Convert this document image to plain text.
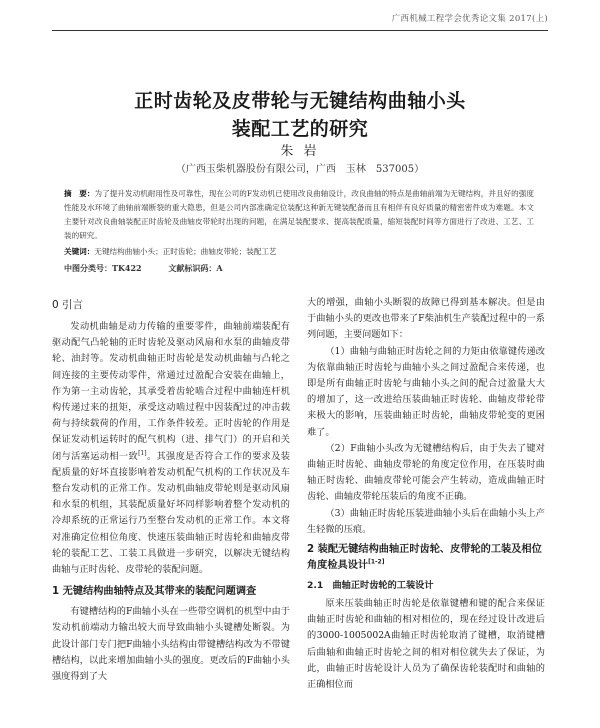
广西机械工程学会优秀论文集 2017(上)
正时齿轮及皮带轮与无键结构曲轴小头
装配工艺的研究
朱 岩
（广西玉柴机器股份有限公司，广西　玉林　537005）
摘　要：为了提升发动机耐用性及可靠性，现在公司的F发动机已使用改良曲轴设计，改良曲轴的特点是曲轴前端为无键结构，并且好的强度性能及水环境了曲轴前端断裂的重大隐患，但是公司内部准确定位装配这种新无键装配备而且有相伴有良好质量的精密密件成为难题。本文主要针对改良曲轴装配正时齿轮及曲轴皮带轮时出现的问题，在满足装配要求、提高装配质量，缩短装配时间等方面进行了改进、工艺、工装的研究。
关键词：无键结构曲轴小头；正时齿轮；曲轴皮带轮；装配工艺
中图分类号：TK422	文献标识码：A
0 引言

发动机曲轴是动力传输的重要零件，曲轴前端装配有驱动配气凸轮轴的正时齿轮及驱动风扇和水泵的曲轴皮带轮、油封等。发动机曲轴正时齿轮是发动机曲轴与凸轮之间连接的主要传动零件，常通过过盈配合安装在曲轴上，作为第一主动齿轮，其承受着齿轮啮合过程中曲轴连杆机构传递过来的扭矩，承受这动啮过程中因装配过的冲击载荷与持续载荷的作用，工作条件较差。正时齿轮的作用是保证发动机运转时的配气机构（进、排气门）的开启和关闭与活塞运动相一致[1]。其强度是否符合工作的要求及装配质量的好坏直接影响着发动机配气机构的工作状况及车整台发动机的正常工作。发动机曲轴皮带轮则是驱动风扇和水泵的机组，其装配质量好坏同样影响着整个发动机的冷却系统的正常运行乃至整台发动机的正常工作。本文将对准确定位相位角度、快速压装曲轴正时齿轮和曲轴皮带轮的装配工艺、工装工具做进一步研究，以解决无键结构曲轴与正时齿轮、皮带轮的装配问题。

1 无键结构曲轴特点及其带来的装配问题调查

有键槽结构的F曲轴小头在一些带空调机的机型中由于发动机前端动力输出较大而导致曲轴小头键槽处断裂。为此设计部门专门把F曲轴小头结构由带键槽结构改为不带键槽结构，以此来增加曲轴小头的强度。更改后的F曲轴小头强度得到了大

大的增强，曲轴小头断裂的故障已得到基本解决。但是由于曲轴小头的更改也带来了F柴油机生产装配过程中的一系列问题，主要问题如下：

（1）曲轴与曲轴正时齿轮之间的力矩由依靠键传递改为依靠曲轴正时齿轮与曲轴小头之间过盈配合来传递，也即是所有曲轴正时齿轮与曲轴小头之间的配合过盈量大大的增加了，这一改进给压装曲轴正时齿轮、曲轴皮带轮带来极大的影响，压装曲轴正时齿轮，曲轴皮带轮变的更困难了。

（2）F曲轴小头改为无键槽结构后，由于失去了键对曲轴正时齿轮、曲轴皮带轮的角度定位作用，在压装时曲轴正时齿轮、曲轴皮带轮可能会产生转动，造成曲轴正时齿轮、曲轴皮带轮压装后的角度不正确。

（3）曲轴正时齿轮压装进曲轴小头后在曲轴小头上产生轻微的压痕。

2 装配无键结构曲轴正时齿轮、皮带轮的工装及相位角度检具设计[1-2]
2.1　曲轴正时齿轮的工装设计

原来压装曲轴正时齿轮是依靠键槽和键的配合来保证曲轴正时齿轮和曲轴的相对相位的，现在经过设计改进后的3000-1005002A曲轴正时齿轮取消了键槽，取消键槽后曲轴和曲轴正时齿轮之间的相对相位就失去了保证，为此，曲轴正时齿轮设计人员为了确保齿轮装配时和曲轴的正确相位而
